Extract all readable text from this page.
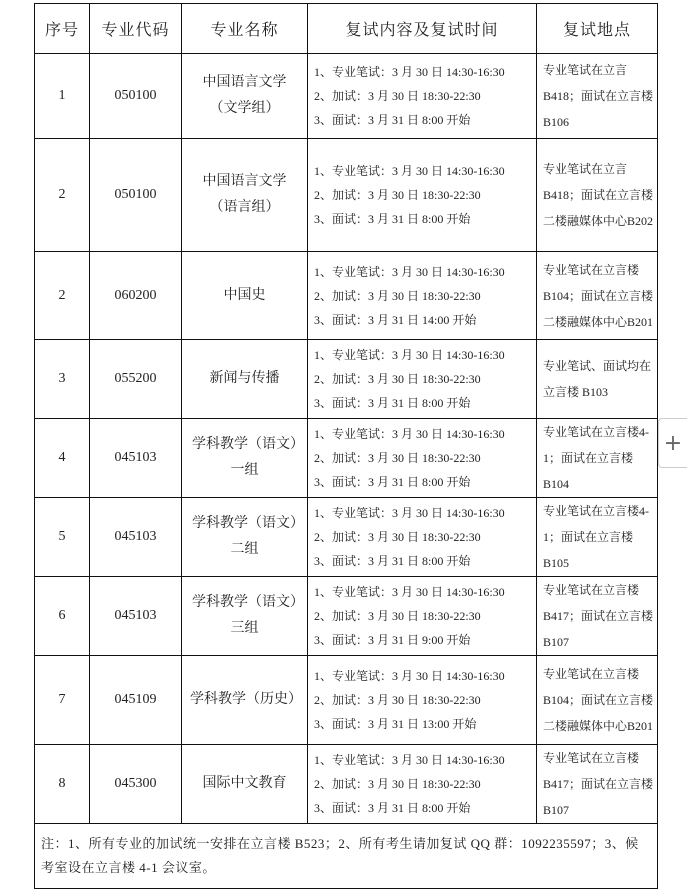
序号	专业代码	专业名称	复试内容及复试时间	复试地点
1	050100	中国语言文学（文学组）	1、专业笔试：3 月 30 日 14:30-16:30
2、加试：3 月 30 日 18:30-22:30
3、面试：3 月 31 日 8:00 开始	专业笔试在立言B418；面试在立言楼 B106
2	050100	中国语言文学（语言组）	1、专业笔试：3 月 30 日 14:30-16:30
2、加试：3 月 30 日 18:30-22:30
3、面试：3 月 31 日 8:00 开始	专业笔试在立言B418；面试在立言楼二楼融媒体中心B202
2	060200	中国史	1、专业笔试：3 月 30 日 14:30-16:30
2、加试：3 月 30 日 18:30-22:30
3、面试：3 月 31 日 14:00 开始	专业笔试在立言楼B104；面试在立言楼二楼融媒体中心B201
3	055200	新闻与传播	1、专业笔试：3 月 30 日 14:30-16:30
2、加试：3 月 30 日 18:30-22:30
3、面试：3 月 31 日 8:00 开始	专业笔试、面试均在立言楼 B103
4	045103	学科教学（语文）一组	1、专业笔试：3 月 30 日 14:30-16:30
2、加试：3 月 30 日 18:30-22:30
3、面试：3 月 31 日 8:00 开始	专业笔试在立言楼4-1；面试在立言楼B104
5	045103	学科教学（语文）二组	1、专业笔试：3 月 30 日 14:30-16:30
2、加试：3 月 30 日 18:30-22:30
3、面试：3 月 31 日 8:00 开始	专业笔试在立言楼4-1；面试在立言楼B105
6	045103	学科教学（语文）三组	1、专业笔试：3 月 30 日 14:30-16:30
2、加试：3 月 30 日 18:30-22:30
3、面试：3 月 31 日 9:00 开始	专业笔试在立言楼B417；面试在立言楼 B107
7	045109	学科教学（历史）	1、专业笔试：3 月 30 日 14:30-16:30
2、加试：3 月 30 日 18:30-22:30
3、面试：3 月 31 日 13:00 开始	专业笔试在立言楼B104；面试在立言楼二楼融媒体中心B201
8	045300	国际中文教育	1、专业笔试：3 月 30 日 14:30-16:30
2、加试：3 月 30 日 18:30-22:30
3、面试：3 月 31 日 8:00 开始	专业笔试在立言楼B417；面试在立言楼 B107
注：1、所有专业的加试统一安排在立言楼 B523；2、所有考生请加复试 QQ 群：1092235597；3、候考室设在立言楼 4-1 会议室。				
+
